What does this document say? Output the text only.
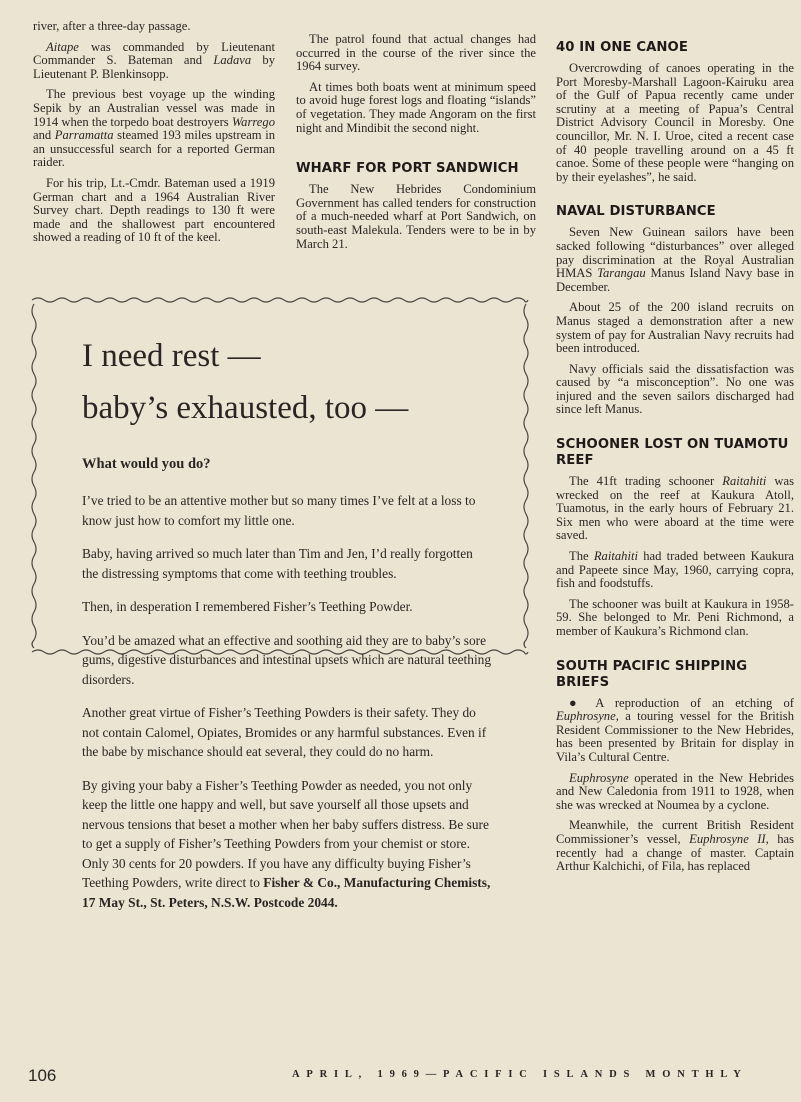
river, after a three-day passage.

Aitape was commanded by Lieutenant Commander S. Bateman and Ladava by Lieutenant P. Blenkinsopp.

The previous best voyage up the winding Sepik by an Australian vessel was made in 1914 when the torpedo boat destroyers Warrego and Parramatta steamed 193 miles upstream in an unsuccessful search for a reported German raider.

For his trip, Lt.-Cmdr. Bateman used a 1919 German chart and a 1964 Australian River Survey chart. Depth readings to 130 ft were made and the shallowest part encountered showed a reading of 10 ft of the keel.

The patrol found that actual changes had occurred in the course of the river since the 1964 survey.

At times both boats went at minimum speed to avoid huge forest logs and floating “islands” of vegetation. They made Angoram on the first night and Mindibit the second night.

WHARF FOR PORT SANDWICH

The New Hebrides Condominium Government has called tenders for construction of a much-needed wharf at Port Sandwich, on south-east Malekula. Tenders were to be in by March 21.

40 IN ONE CANOE

Overcrowding of canoes operating in the Port Moresby-Marshall Lagoon-Kairuku area of the Gulf of Papua recently came under scrutiny at a meeting of Papua’s Central District Advisory Council in Moresby. One councillor, Mr. N. I. Uroe, cited a recent case of 40 people travelling around on a 45 ft canoe. Some of these people were “hanging on by their eyelashes”, he said.

NAVAL DISTURBANCE

Seven New Guinean sailors have been sacked following “disturbances” over alleged pay discrimination at the Royal Australian HMAS Tarangau Manus Island Navy base in December.

About 25 of the 200 island recruits on Manus staged a demonstration after a new system of pay for Australian Navy recruits had been introduced.

Navy officials said the dissatisfaction was caused by “a misconception”. No one was injured and the seven sailors discharged had since left Manus.

SCHOONER LOST ON TUAMOTU REEF

The 41ft trading schooner Raitahiti was wrecked on the reef at Kaukura Atoll, Tuamotus, in the early hours of February 21. Six men who were aboard at the time were saved.

The Raitahiti had traded between Kaukura and Papeete since May, 1960, carrying copra, fish and foodstuffs.

The schooner was built at Kaukura in 1958-59. She belonged to Mr. Peni Richmond, a member of Kaukura’s Richmond clan.

SOUTH PACIFIC SHIPPING BRIEFS

● A reproduction of an etching of Euphrosyne, a touring vessel for the British Resident Commissioner to the New Hebrides, has been presented by Britain for display in Vila’s Cultural Centre.

Euphrosyne operated in the New Hebrides and New Caledonia from 1911 to 1928, when she was wrecked at Noumea by a cyclone.

Meanwhile, the current British Resident Commissioner’s vessel, Euphrosyne II, has recently had a change of master. Captain Arthur Kalchichi, of Fila, has replaced

I need rest —
baby’s exhausted, too —
What would you do?

I’ve tried to be an attentive mother but so many times I’ve felt at a loss to know just how to comfort my little one.

Baby, having arrived so much later than Tim and Jen, I’d really forgotten the distressing symptoms that come with teething troubles.

Then, in desperation I remembered Fisher’s Teething Powder.

You’d be amazed what an effective and soothing aid they are to baby’s sore gums, digestive disturbances and intestinal upsets which are natural teething disorders.

Another great virtue of Fisher’s Teething Powders is their safety. They do not contain Calomel, Opiates, Bromides or any harmful substances. Even if the babe by mischance should eat several, they could do no harm.

By giving your baby a Fisher’s Teething Powder as needed, you not only keep the little one happy and well, but save yourself all those upsets and nervous tensions that beset a mother when her baby suffers distress. Be sure to get a supply of Fisher’s Teething Powders from your chemist or store. Only 30 cents for 20 powders. If you have any difficulty buying Fisher’s Teething Powders, write direct to Fisher & Co., Manufacturing Chemists, 17 May St., St. Peters, N.S.W. Postcode 2044.

106	APRIL, 1969—PACIFIC ISLANDS MONTHLY
